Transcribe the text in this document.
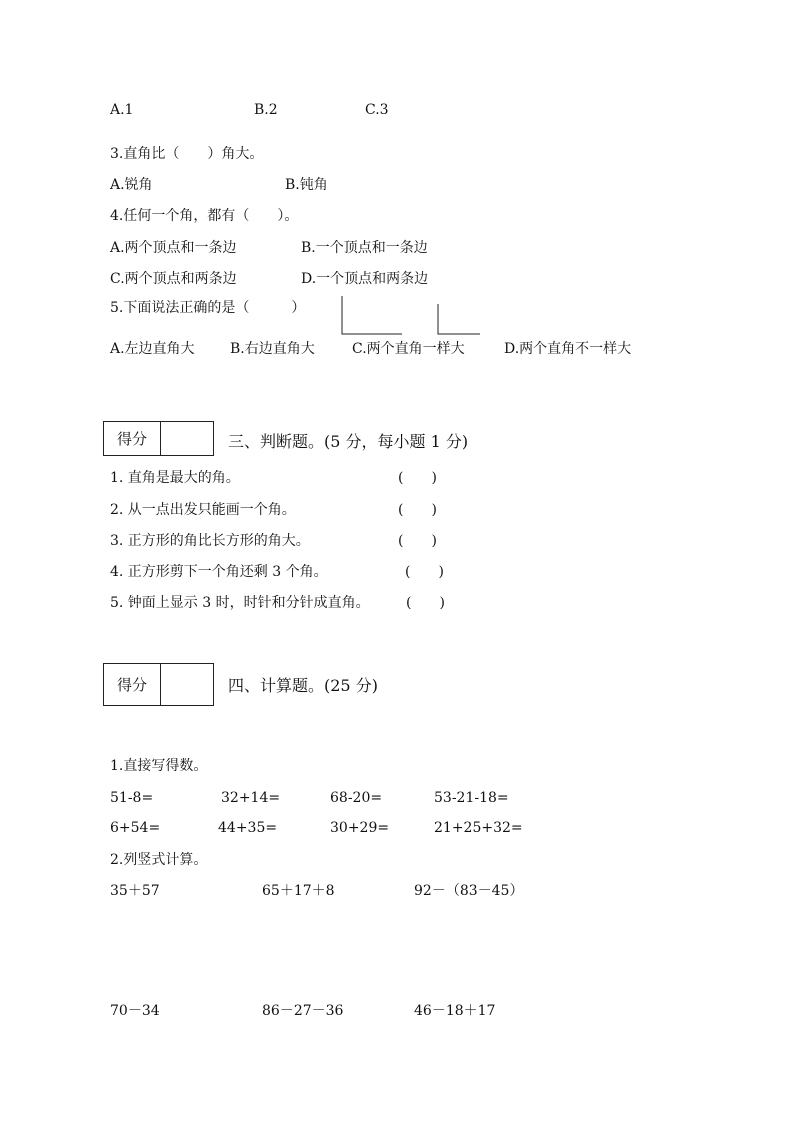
A.1	B.2	C.3
3.直角比（　　）角大。
A.锐角	B.钝角
4.任何一个角，都有（　　）。
A.两个顶点和一条边	B.一个顶点和一条边
C.两个顶点和两条边	D.一个顶点和两条边
5.下面说法正确的是（　　　）
A.左边直角大	B.右边直角大	C.两个直角一样大	D.两个直角不一样大
得分	三、判断题。(5 分，每小题 1 分)
1. 直角是最大的角。	(　　)
2. 从一点出发只能画一个角。	(　　)
3. 正方形的角比长方形的角大。	(　　)
4. 正方形剪下一个角还剩 3 个角。	(　　)
5. 钟面上显示 3 时，时针和分针成直角。	(　　)
得分	四、计算题。(25 分)
1.直接写得数。
51-8=	32+14=	68-20=	53-21-18=
6+54=	44+35=	30+29=	21+25+32=
2.列竖式计算。
35＋57	65＋17＋8	92－（83－45）
70－34	86－27－36	46－18＋17
